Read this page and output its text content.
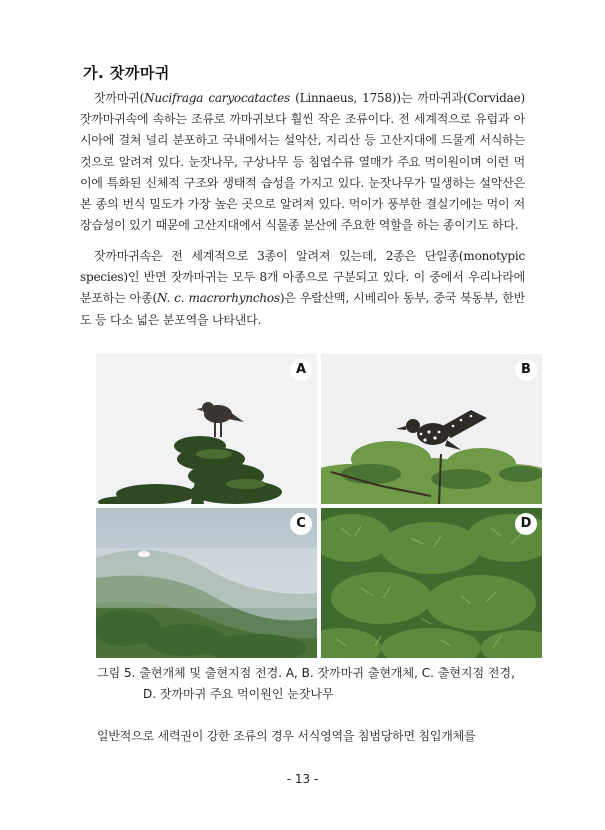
가. 잣까마귀

잣까마귀(Nucifraga caryocatactes (Linnaeus, 1758))는 까마귀과(Corvidae) 잣까마귀속에 속하는 조류로 까마귀보다 훨씬 작은 조류이다. 전 세계적으로 유럽과 아시아에 걸쳐 널리 분포하고 국내에서는 설악산, 지리산 등 고산지대에 드물게 서식하는 것으로 알려져 있다. 눈잣나무, 구상나무 등 침엽수류 열매가 주요 먹이원이며 이런 먹이에 특화된 신체적 구조와 생태적 습성을 가지고 있다. 눈잣나무가 밀생하는 설악산은 본 종의 번식 밀도가 가장 높은 곳으로 알려져 있다. 먹이가 풍부한 결실기에는 먹이 저장습성이 있기 때문에 고산지대에서 식물종 분산에 주요한 역할을 하는 종이기도 하다.

잣까마귀속은 전 세계적으로 3종이 알려져 있는데, 2종은 단일종(monotypic species)인 반면 잣까마귀는 모두 8개 아종으로 구분되고 있다. 이 중에서 우리나라에 분포하는 아종(N. c. macrorhynchos)은 우랄산맥, 시베리아 동부, 중국 북동부, 한반도 등 다소 넓은 분포역을 나타낸다.

A	B
C	D
그림 5. 출현개체 및 출현지점 전경. A, B. 잣까마귀 출현개체, C. 출현지점 전경,
D. 잣까마귀 주요 먹이원인 눈잣나무

일반적으로 세력권이 강한 조류의 경우 서식영역을 침범당하면 침입개체를

- 13 -
